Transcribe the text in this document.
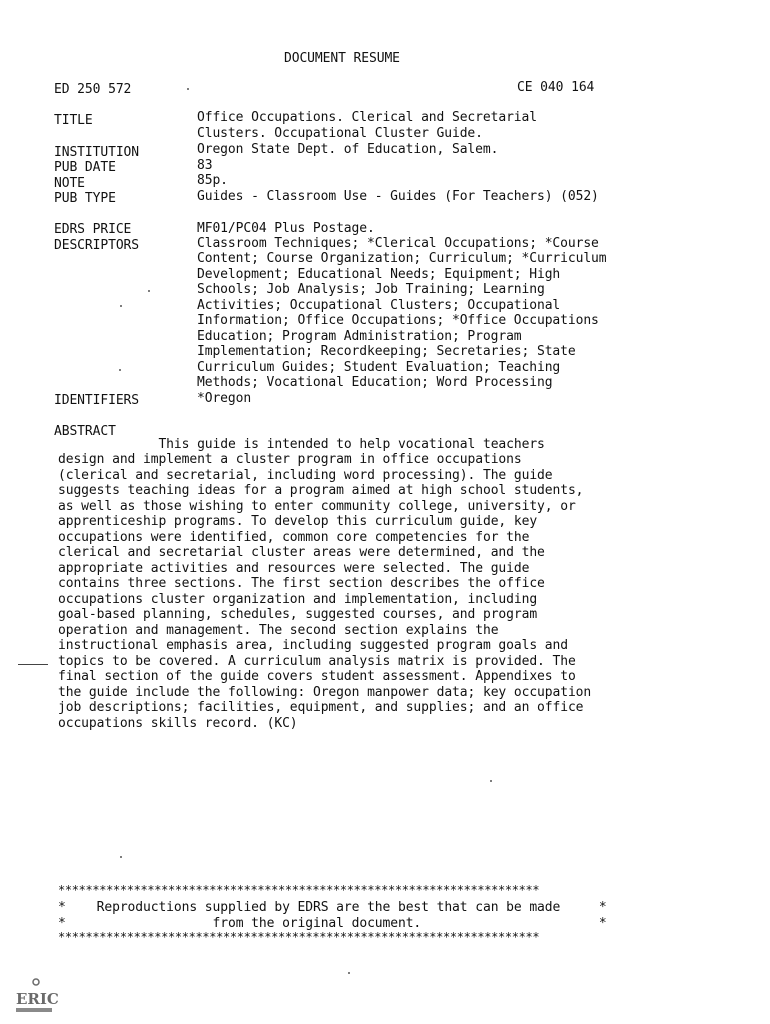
DOCUMENT RESUME
ED 250 572	CE 040 164
TITLE	Office Occupations. Clerical and Secretarial
Clusters. Occupational Cluster Guide.
INSTITUTION	Oregon State Dept. of Education, Salem.
PUB DATE	83
NOTE	85p.
PUB TYPE	Guides - Classroom Use - Guides (For Teachers) (052)
EDRS PRICE	MF01/PC04 Plus Postage.
DESCRIPTORS	Classroom Techniques; *Clerical Occupations; *Course
Content; Course Organization; Curriculum; *Curriculum
Development; Educational Needs; Equipment; High
Schools; Job Analysis; Job Training; Learning
Activities; Occupational Clusters; Occupational
Information; Office Occupations; *Office Occupations
Education; Program Administration; Program
Implementation; Recordkeeping; Secretaries; State
Curriculum Guides; Student Evaluation; Teaching
Methods; Vocational Education; Word Processing
IDENTIFIERS	*Oregon
ABSTRACT
This guide is intended to help vocational teachers
design and implement a cluster program in office occupations
(clerical and secretarial, including word processing). The guide
suggests teaching ideas for a program aimed at high school students,
as well as those wishing to enter community college, university, or
apprenticeship programs. To develop this curriculum guide, key
occupations were identified, common core competencies for the
clerical and secretarial cluster areas were determined, and the
appropriate activities and resources were selected. The guide
contains three sections. The first section describes the office
occupations cluster organization and implementation, including
goal-based planning, schedules, suggested courses, and program
operation and management. The second section explains the
instructional emphasis area, including suggested program goals and
topics to be covered. A curriculum analysis matrix is provided. The
final section of the guide covers student assessment. Appendixes to
the guide include the following: Oregon manpower data; key occupation
job descriptions; facilities, equipment, and supplies; and an office
occupations skills record. (KC)
**********************************************************************
*    Reproductions supplied by EDRS are the best that can be made     *
*                   from the original document.                       *
**********************************************************************
ERIC
